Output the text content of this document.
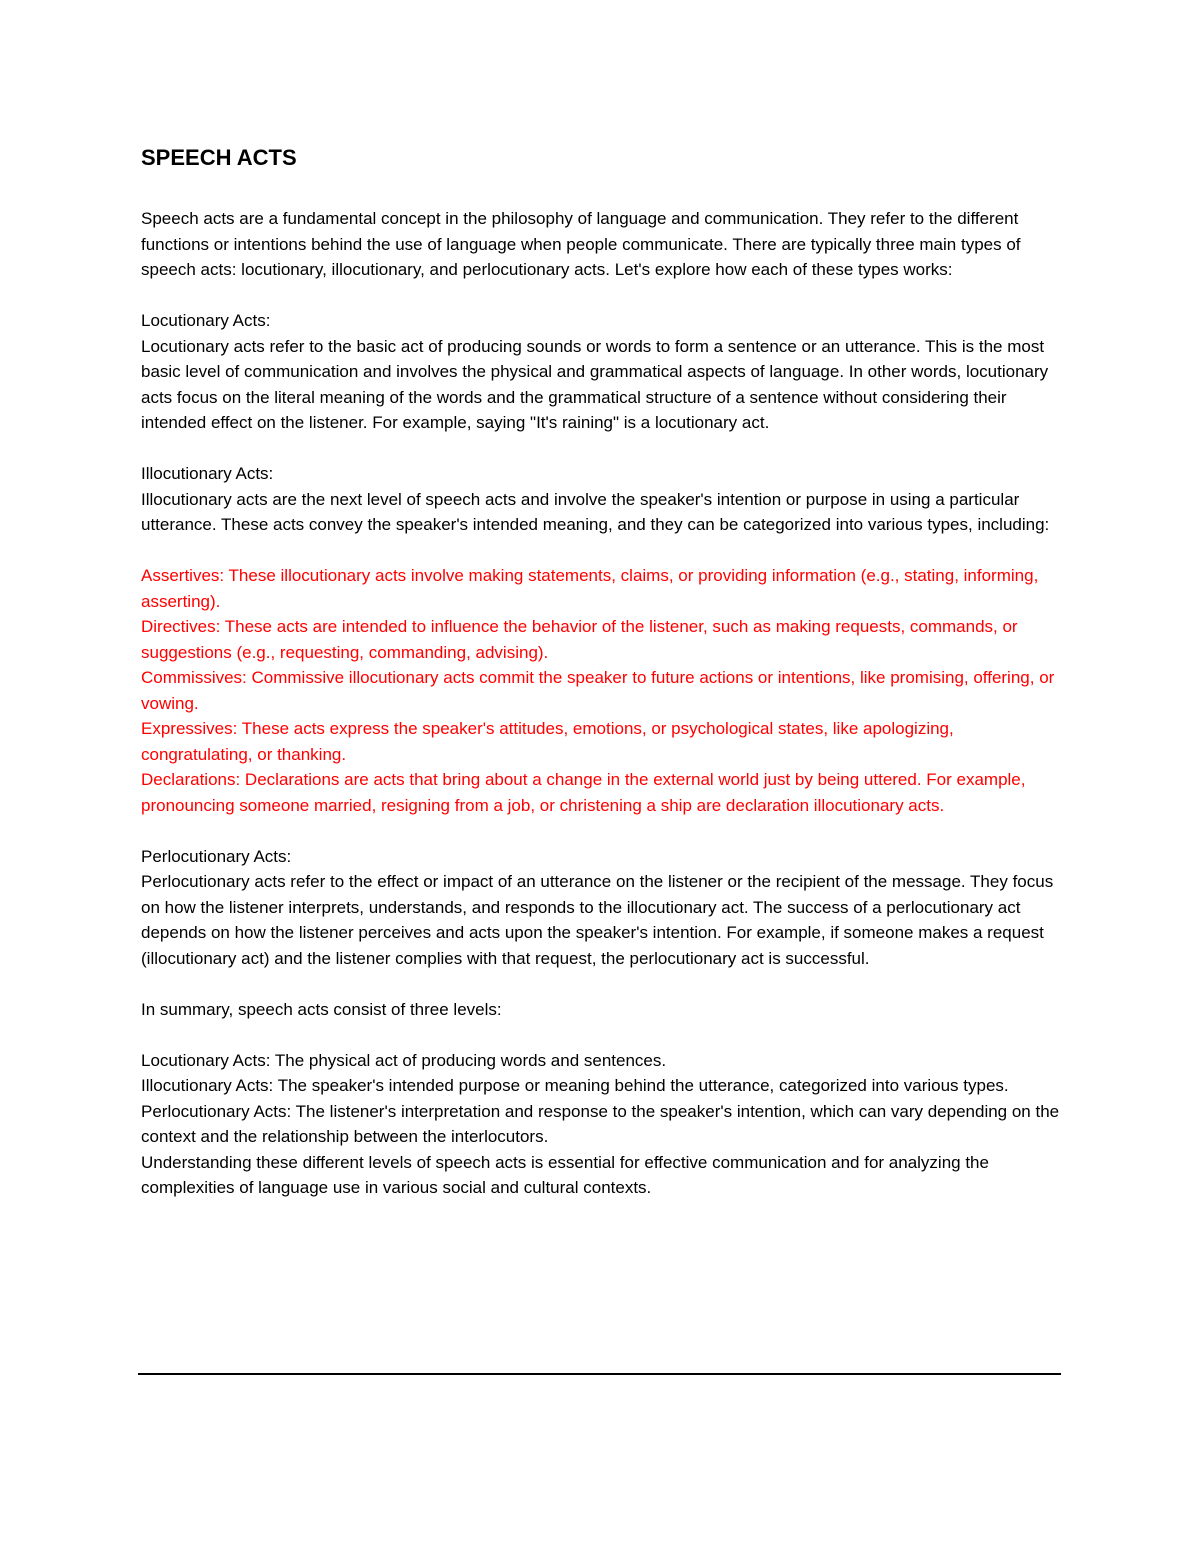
SPEECH ACTS

Speech acts are a fundamental concept in the philosophy of language and communication. They refer to the different functions or intentions behind the use of language when people communicate. There are typically three main types of speech acts: locutionary, illocutionary, and perlocutionary acts. Let's explore how each of these types works:

Locutionary Acts:

Locutionary acts refer to the basic act of producing sounds or words to form a sentence or an utterance. This is the most basic level of communication and involves the physical and grammatical aspects of language. In other words, locutionary acts focus on the literal meaning of the words and the grammatical structure of a sentence without considering their intended effect on the listener. For example, saying "It's raining" is a locutionary act.

Illocutionary Acts:

Illocutionary acts are the next level of speech acts and involve the speaker's intention or purpose in using a particular utterance. These acts convey the speaker's intended meaning, and they can be categorized into various types, including:

Assertives: These illocutionary acts involve making statements, claims, or providing information (e.g., stating, informing, asserting).

Directives: These acts are intended to influence the behavior of the listener, such as making requests, commands, or suggestions (e.g., requesting, commanding, advising).

Commissives: Commissive illocutionary acts commit the speaker to future actions or intentions, like promising, offering, or vowing.

Expressives: These acts express the speaker's attitudes, emotions, or psychological states, like apologizing, congratulating, or thanking.

Declarations: Declarations are acts that bring about a change in the external world just by being uttered. For example, pronouncing someone married, resigning from a job, or christening a ship are declaration illocutionary acts.

Perlocutionary Acts:

Perlocutionary acts refer to the effect or impact of an utterance on the listener or the recipient of the message. They focus on how the listener interprets, understands, and responds to the illocutionary act. The success of a perlocutionary act depends on how the listener perceives and acts upon the speaker's intention. For example, if someone makes a request (illocutionary act) and the listener complies with that request, the perlocutionary act is successful.

In summary, speech acts consist of three levels:

Locutionary Acts: The physical act of producing words and sentences.

Illocutionary Acts: The speaker's intended purpose or meaning behind the utterance, categorized into various types.

Perlocutionary Acts: The listener's interpretation and response to the speaker's intention, which can vary depending on the context and the relationship between the interlocutors.

Understanding these different levels of speech acts is essential for effective communication and for analyzing the complexities of language use in various social and cultural contexts.
